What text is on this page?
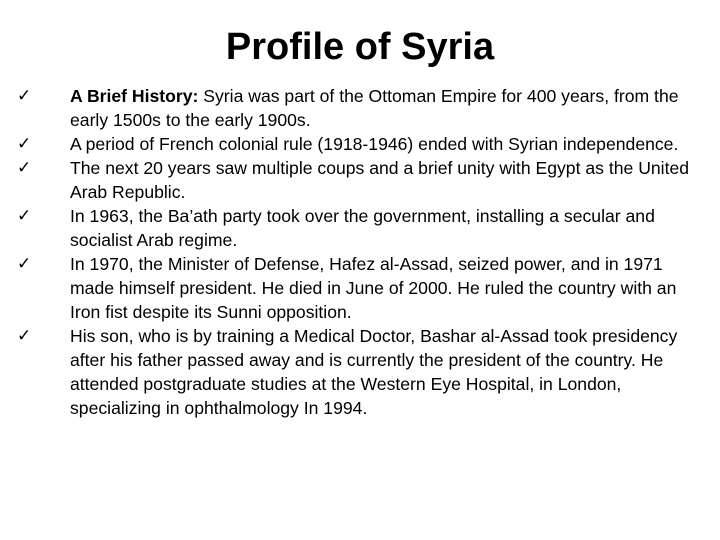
Profile of Syria
✓	A Brief History: Syria was part of the Ottoman Empire for 400 years, from the early 1500s to the early 1900s.
✓	A period of French colonial rule (1918-1946) ended with Syrian independence.
✓	The next 20 years saw multiple coups and a brief unity with Egypt as the United Arab Republic.
✓	In 1963, the Ba’ath party took over the government, installing a secular and socialist Arab regime.
✓	In 1970, the Minister of Defense, Hafez al-Assad, seized power, and in 1971 made himself president. He died in June of 2000. He ruled the country with an Iron fist despite its Sunni opposition.
✓	His son, who is by training a Medical Doctor, Bashar al-Assad took presidency after his father passed away and is currently the president of the country. He attended postgraduate studies at the Western Eye Hospital, in London, specializing in ophthalmology In 1994.
